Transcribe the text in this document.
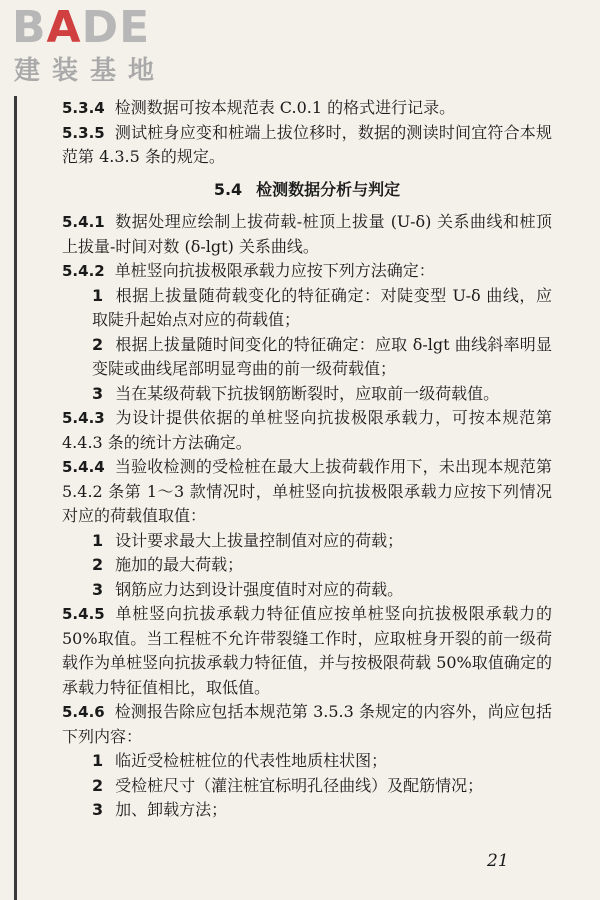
BADE
建装基地

5.3.4 检测数据可按本规范表 C.0.1 的格式进行记录。

5.3.5 测试桩身应变和桩端上拔位移时，数据的测读时间宜符合本规范第 4.3.5 条的规定。

5.4 检测数据分析与判定

5.4.1 数据处理应绘制上拔荷载-桩顶上拔量 (U-δ) 关系曲线和桩顶上拔量-时间对数 (δ-lgt) 关系曲线。

5.4.2 单桩竖向抗拔极限承载力应按下列方法确定：

1 根据上拔量随荷载变化的特征确定：对陡变型 U-δ 曲线，应取陡升起始点对应的荷载值；

2 根据上拔量随时间变化的特征确定：应取 δ-lgt 曲线斜率明显变陡或曲线尾部明显弯曲的前一级荷载值；

3 当在某级荷载下抗拔钢筋断裂时，应取前一级荷载值。

5.4.3 为设计提供依据的单桩竖向抗拔极限承载力，可按本规范第 4.4.3 条的统计方法确定。

5.4.4 当验收检测的受检桩在最大上拔荷载作用下，未出现本规范第 5.4.2 条第 1～3 款情况时，单桩竖向抗拔极限承载力应按下列情况对应的荷载值取值：

1 设计要求最大上拔量控制值对应的荷载；

2 施加的最大荷载；

3 钢筋应力达到设计强度值时对应的荷载。

5.4.5 单桩竖向抗拔承载力特征值应按单桩竖向抗拔极限承载力的 50%取值。当工程桩不允许带裂缝工作时，应取桩身开裂的前一级荷载作为单桩竖向抗拔承载力特征值，并与按极限荷载 50%取值确定的承载力特征值相比，取低值。

5.4.6 检测报告除应包括本规范第 3.5.3 条规定的内容外，尚应包括下列内容：

1 临近受检桩桩位的代表性地质柱状图；

2 受检桩尺寸（灌注桩宜标明孔径曲线）及配筋情况；

3 加、卸载方法；

21
